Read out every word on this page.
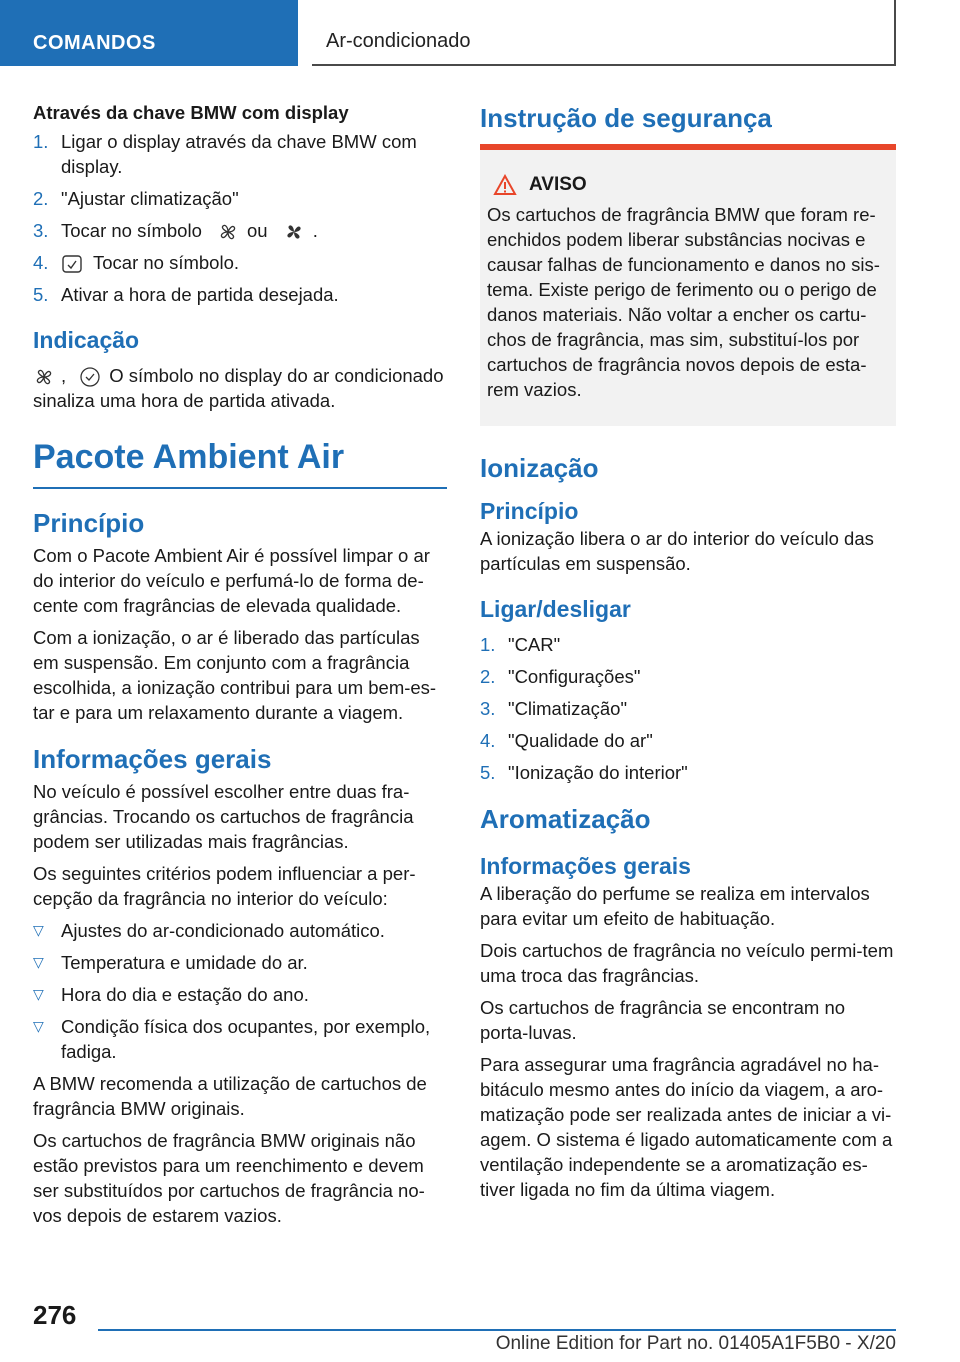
COMANDOS	Ar-condicionado
Através da chave BMW com display
1. Ligar o display através da chave BMW com display.
2. "Ajustar climatização"
3. Tocar no símbolo ou .
4. Tocar no símbolo.
5. Ativar a hora de partida desejada.
Indicação

, O símbolo no display do ar condicionado sinaliza uma hora de partida ativada.

Pacote Ambient Air
Princípio

Com o Pacote Ambient Air é possível limpar o ar do interior do veículo e perfumá-lo de forma de-cente com fragrâncias de elevada qualidade.

Com a ionização, o ar é liberado das partículas em suspensão. Em conjunto com a fragrância escolhida, a ionização contribui para um bem-es-tar e para um relaxamento durante a viagem.

Informações gerais

No veículo é possível escolher entre duas fra-grâncias. Trocando os cartuchos de fragrância podem ser utilizadas mais fragrâncias.

Os seguintes critérios podem influenciar a per-cepção da fragrância no interior do veículo:

▽ Ajustes do ar-condicionado automático.
▽ Temperatura e umidade do ar.
▽ Hora do dia e estação do ano.
▽ Condição física dos ocupantes, por exemplo, fadiga.

A BMW recomenda a utilização de cartuchos de fragrância BMW originais.

Os cartuchos de fragrância BMW originais não estão previstos para um reenchimento e devem ser substituídos por cartuchos de fragrância no-vos depois de estarem vazios.

Instrução de segurança
AVISO

Os cartuchos de fragrância BMW que foram re-enchidos podem liberar substâncias nocivas e causar falhas de funcionamento e danos no sis-tema. Existe perigo de ferimento ou o perigo de danos materiais. Não voltar a encher os cartu-chos de fragrância, mas sim, substituí-los por cartuchos de fragrância novos depois de esta-rem vazios.

Ionização
Princípio

A ionização libera o ar do interior do veículo das partículas em suspensão.

Ligar/desligar
1. "CAR"
2. "Configurações"
3. "Climatização"
4. "Qualidade do ar"
5. "Ionização do interior"
Aromatização
Informações gerais

A liberação do perfume se realiza em intervalos para evitar um efeito de habituação.

Dois cartuchos de fragrância no veículo permi-tem uma troca das fragrâncias.

Os cartuchos de fragrância se encontram no porta-luvas.

Para assegurar uma fragrância agradável no ha-bitáculo mesmo antes do início da viagem, a aro-matização pode ser realizada antes de iniciar a vi-agem. O sistema é ligado automaticamente com a ventilação independente se a aromatização es-tiver ligada no fim da última viagem.

276
Online Edition for Part no. 01405A1F5B0 - X/20
